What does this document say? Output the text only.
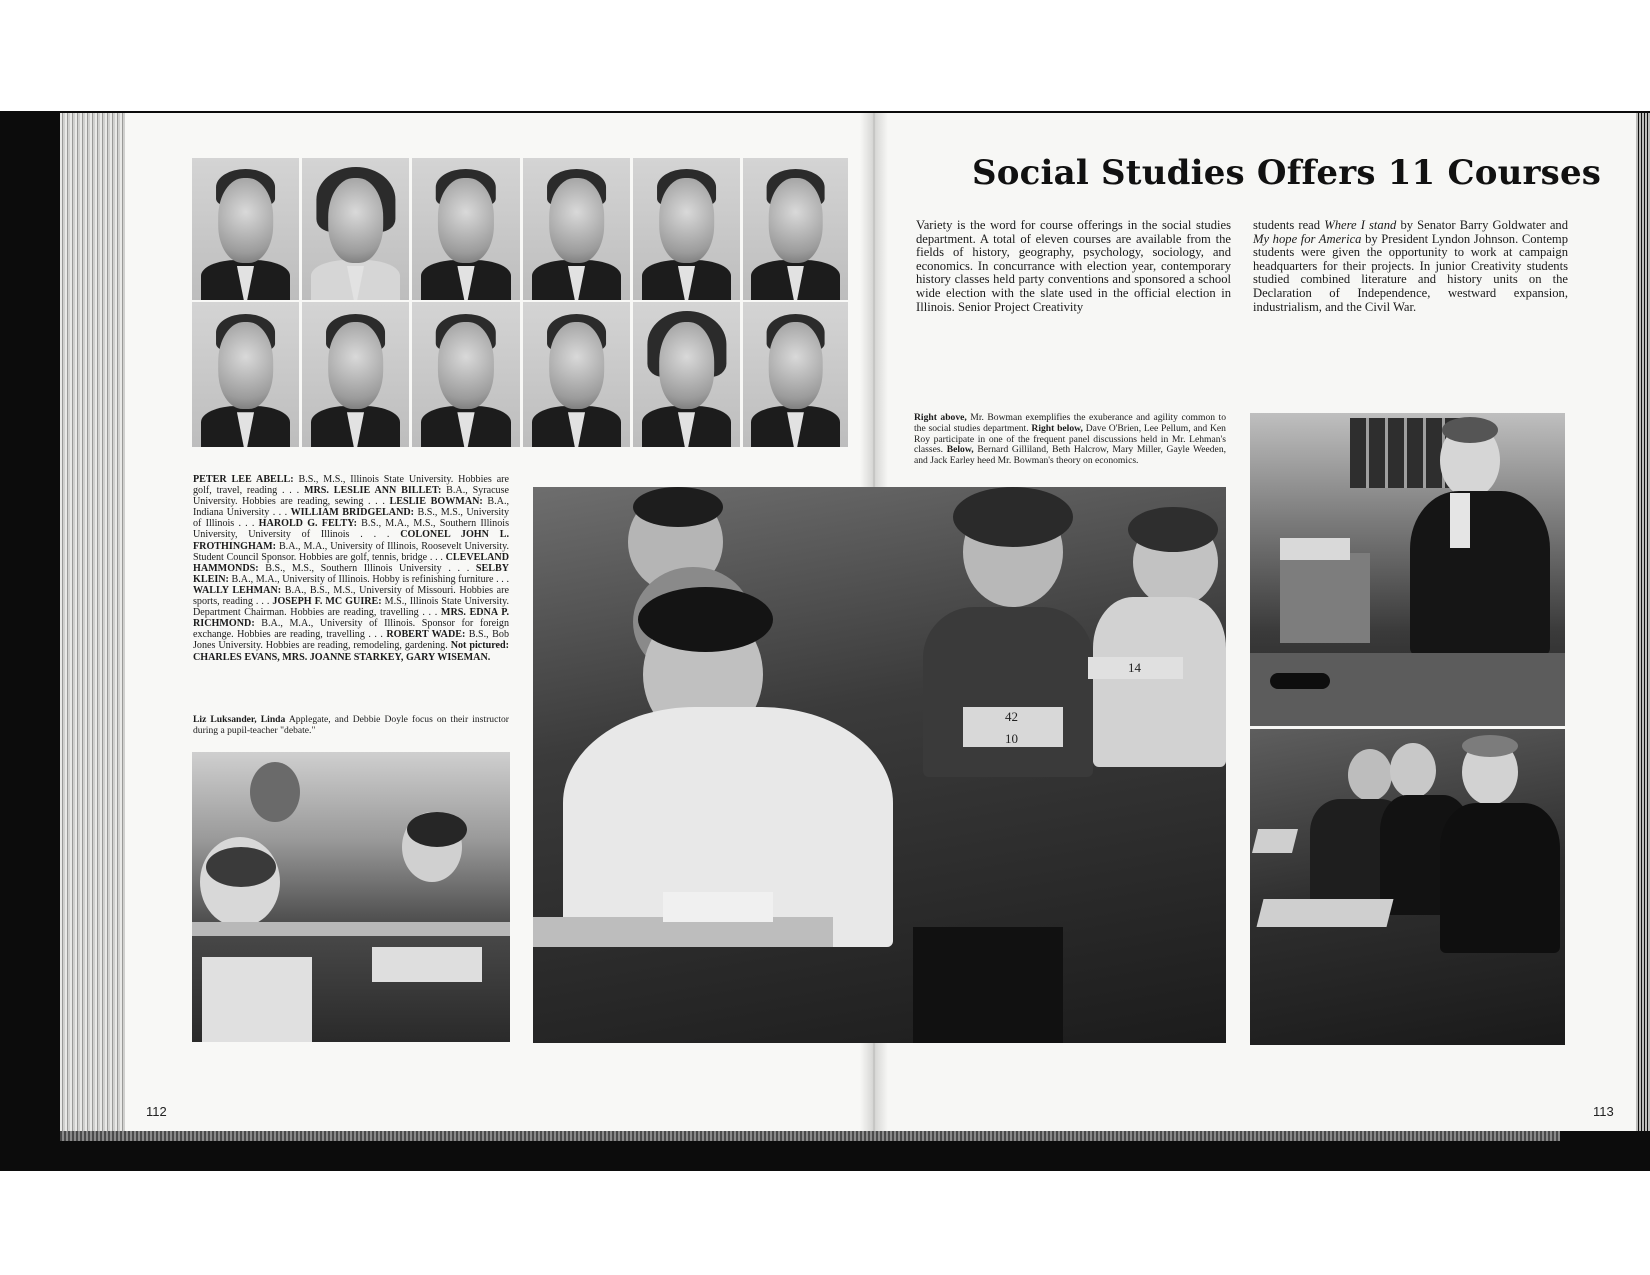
Social Studies Offers 11 Courses
Variety is the word for course offerings in the social studies department. A total of eleven courses are available from the fields of history, geography, psychology, sociology, and economics. In concurrance with election year, contemporary history classes held party conventions and sponsored a school wide election with the slate used in the official election in Illinois. Senior Project Creativity
students read Where I stand by Senator Barry Goldwater and My hope for America by President Lyndon Johnson. Contemp students were given the opportunity to work at campaign headquarters for their projects. In junior Creativity students studied combined literature and history units on the Declaration of Independence, westward expansion, industrialism, and the Civil War.
Right above, Mr. Bowman exemplifies the exuberance and agility common to the social studies department. Right below, Dave O'Brien, Lee Pellum, and Ken Roy participate in one of the frequent panel discussions held in Mr. Lehman's classes. Below, Bernard Gilliland, Beth Halcrow, Mary Miller, Gayle Weeden, and Jack Earley heed Mr. Bowman's theory on economics.
PETER LEE ABELL: B.S., M.S., Illinois State University. Hobbies are golf, travel, reading . . . MRS. LESLIE ANN BILLET: B.A., Syracuse University. Hobbies are reading, sewing . . . LESLIE BOWMAN: B.A., Indiana University . . . WILLIAM BRIDGELAND: B.S., M.S., University of Illinois . . . HAROLD G. FELTY: B.S., M.A., M.S., Southern Illinois University, University of Illinois . . . COLONEL JOHN L. FROTHINGHAM: B.A., M.A., University of Illinois, Roosevelt University. Student Council Sponsor. Hobbies are golf, tennis, bridge . . . CLEVELAND HAMMONDS: B.S., M.S., Southern Illinois University . . . SELBY KLEIN: B.A., M.A., University of Illinois. Hobby is refinishing furniture . . . WALLY LEHMAN: B.A., B.S., M.S., University of Missouri. Hobbies are sports, reading . . . JOSEPH F. MC GUIRE: M.S., Illinois State University. Department Chairman. Hobbies are reading, travelling . . . MRS. EDNA P. RICHMOND: B.A., M.A., University of Illinois. Sponsor for foreign exchange. Hobbies are reading, travelling . . . ROBERT WADE: B.S., Bob Jones University. Hobbies are reading, remodeling, gardening. Not pictured: CHARLES EVANS, MRS. JOANNE STARKEY, GARY WISEMAN.
Liz Luksander, Linda Applegate, and Debbie Doyle focus on their instructor during a pupil-teacher "debate."
42
10
14
112	113
